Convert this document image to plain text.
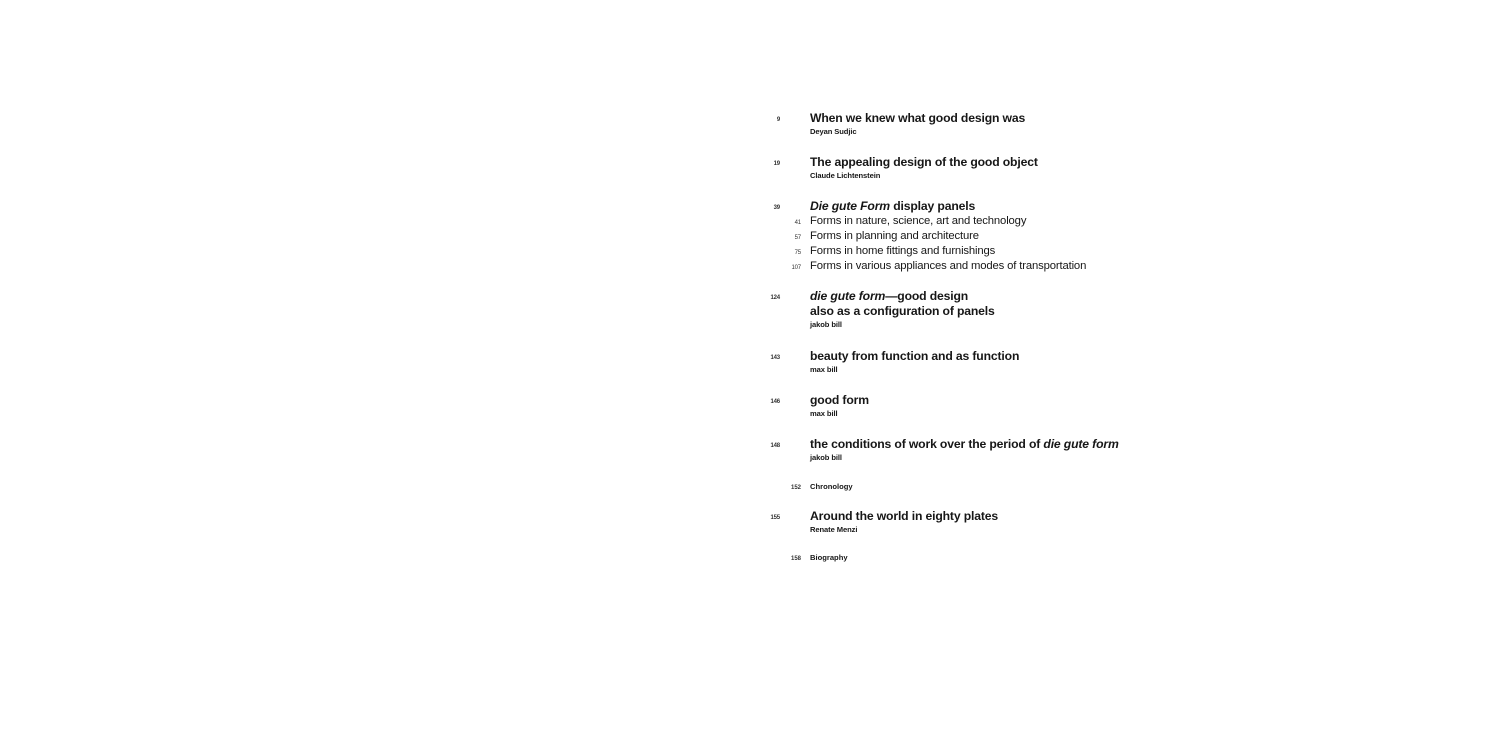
9 When we knew what good design was
Deyan Sudjic
19 The appealing design of the good object
Claude Lichtenstein
39 Die gute Form display panels
41 Forms in nature, science, art and technology
57 Forms in planning and architecture
75 Forms in home fittings and furnishings
107 Forms in various appliances and modes of transportation
124 die gute form—good design
also as a configuration of panels
jakob bill
143 beauty from function and as function
max bill
146 good form
max bill
148 the conditions of work over the period of die gute form
jakob bill
152 Chronology
155 Around the world in eighty plates
Renate Menzi
158 Biography
